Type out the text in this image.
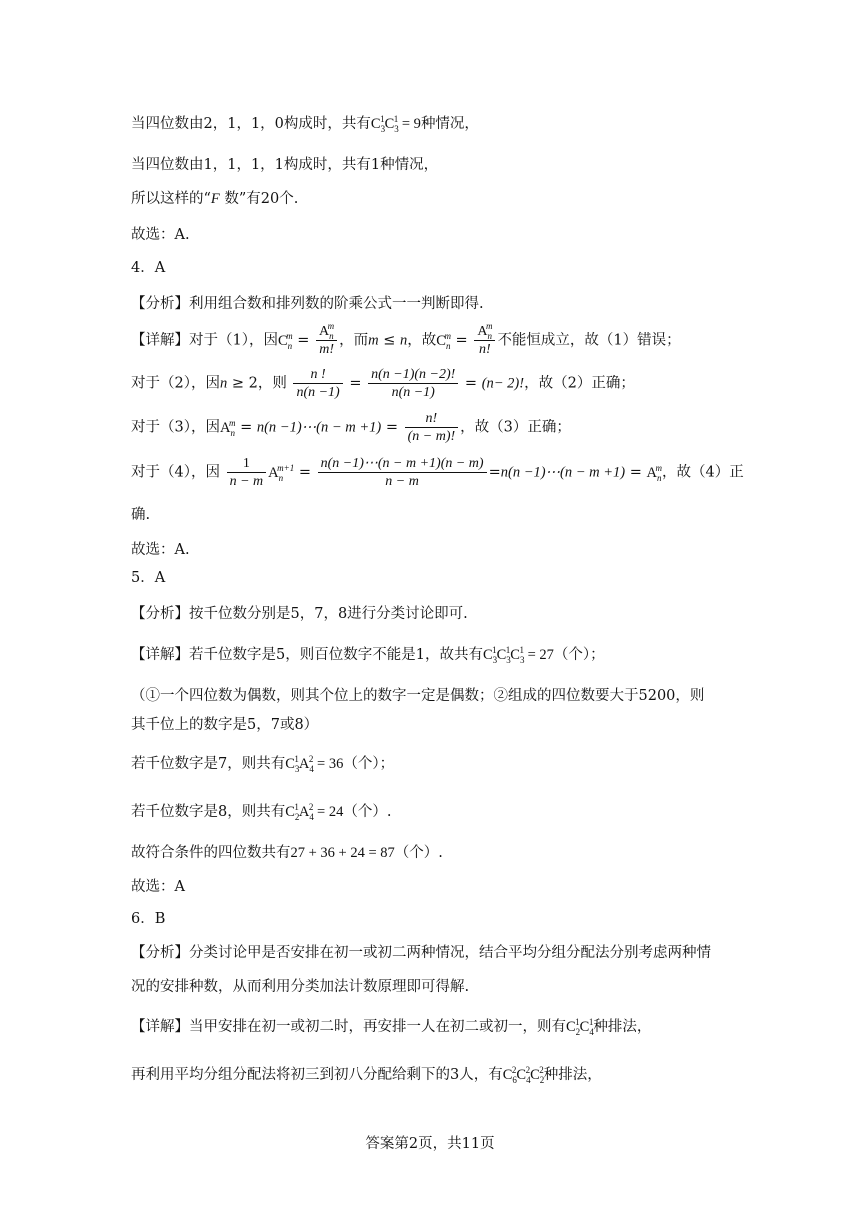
当四位数由2，1，1，0构成时，共有$C_3^1C_3^1 = 9$种情况，
当四位数由1，1，1，1构成时，共有1种情况，
所以这样的“F 数”有20个.
故选：A.
4．A
【分析】利用组合数和排列数的阶乘公式一一判断即得.
【详解】对于（1），因$C_n^m = \frac{A_n^m}{m!}$ ，而m ≤ n，故$C_n^m = \frac{A_n^m}{n!}$ 不能恒成立，故（1）错误；
对于（2），因n ≥ 2，则 $\frac{n !}{n(n -1)} = \frac{n(n -1)(n -2)!}{n(n -1)} = (n- 2)$!，故（2）正确；
对于（3），因$A_n^m = n(n$ −1)⋯(n − $m +1) = \frac{n!}{(n - m)!}$ ，故（3）正确；
对于（4），因 $\frac{1}{n - m} A_n^{m+1} = \frac{n(n -1)\cdots(n - m +1)(n - m)}{n - m} =n(n$ −1)⋯(n − $m +1) = A_n^m$，故（4）正
确.
故选：A.
5．A
【分析】按千位数分别是5，7，8进行分类讨论即可.
【详解】若千位数字是5，则百位数字不能是1，故共有$C_3^1C_3^1C_3^1 = 27$（个）；
（①一个四位数为偶数，则其个位上的数字一定是偶数；②组成的四位数要大于5200，则
其千位上的数字是5，7或8）
若千位数字是7，则共有$C_3^1A_4^2 = 36$（个）；
若千位数字是8，则共有$C_2^1A_4^2 = 24$（个）.
故符合条件的四位数共有27 + 36 + 24 = 87（个）.
故选：A
6．B
【分析】分类讨论甲是否安排在初一或初二两种情况，结合平均分组分配法分别考虑两种情
况的安排种数，从而利用分类加法计数原理即可得解.
【详解】当甲安排在初一或初二时，再安排一人在初二或初一，则有$C_2^1C_4^1$种排法，
再利用平均分组分配法将初三到初八分配给剩下的3人，有$C_6^2C_4^2C_2^2$种排法，
答案第2页，共11页
